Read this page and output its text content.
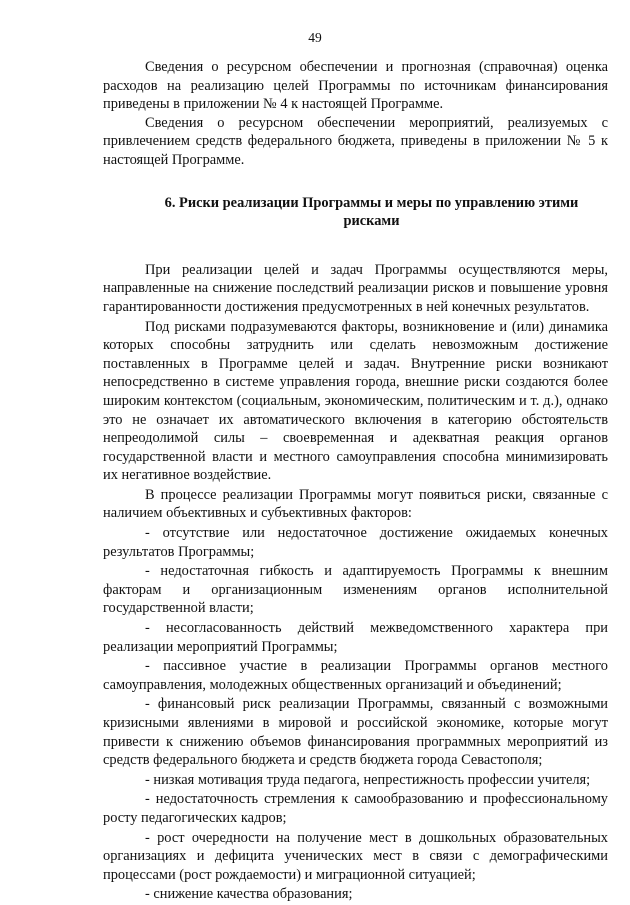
49

Сведения о ресурсном обеспечении и прогнозная (справочная) оценка расходов на реализацию целей Программы по источникам финансирования приведены в приложении № 4 к настоящей Программе.

Сведения о ресурсном обеспечении мероприятий, реализуемых с привлечением средств федерального бюджета, приведены в приложении № 5 к настоящей Программе.

6. Риски реализации Программы и меры по управлению этими рисками

При реализации целей и задач Программы осуществляются меры, направленные на снижение последствий реализации рисков и повышение уровня гарантированности достижения предусмотренных в ней конечных результатов.

Под рисками подразумеваются факторы, возникновение и (или) динамика которых способны затруднить или сделать невозможным достижение поставленных в Программе целей и задач. Внутренние риски возникают непосредственно в системе управления города, внешние риски создаются более широким контекстом (социальным, экономическим, политическим и т. д.), однако это не означает их автоматического включения в категорию обстоятельств непреодолимой силы – своевременная и адекватная реакция органов государственной власти и местного самоуправления способна минимизировать их негативное воздействие.

В процессе реализации Программы могут появиться риски, связанные с наличием объективных и субъективных факторов:

- отсутствие или недостаточное достижение ожидаемых конечных результатов Программы;

- недостаточная гибкость и адаптируемость Программы к внешним факторам и организационным изменениям органов исполнительной государственной власти;

- несогласованность действий межведомственного характера при реализации мероприятий Программы;

- пассивное участие в реализации Программы органов местного самоуправления, молодежных общественных организаций и объединений;

- финансовый риск реализации Программы, связанный с возможными кризисными явлениями в мировой и российской экономике, которые могут привести к снижению объемов финансирования программных мероприятий из средств федерального бюджета и средств бюджета города Севастополя;

- низкая мотивация труда педагога, непрестижность профессии учителя;

- недостаточность стремления к самообразованию и профессиональному росту педагогических кадров;

- рост очередности на получение мест в дошкольных образовательных организациях и дефицита ученических мест в связи с демографическими процессами (рост рождаемости) и миграционной ситуацией;

- снижение качества образования;
